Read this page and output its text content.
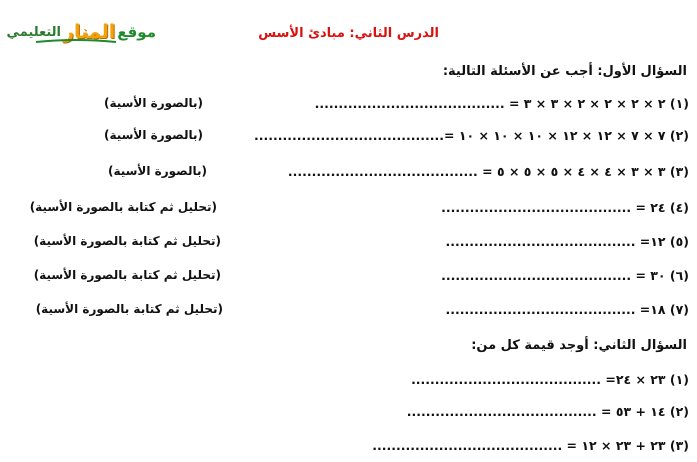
موقع
المنار
التعليمي	الدرس الثاني: مبادئ الأسس
السؤال الأول: أجب عن الأسئلة التالية:
(١) ٢ × ٢ × ٢ × ٢ × ٣ × ٣ = ........................................
(بالصورة الأسية)
(٢) ٧ × ٧ × ١٢ × ١٢ × ١٠ × ١٠ × ١٠ =........................................
(بالصورة الأسية)
(٣) ٣ × ٣ × ٤ × ٤ × ٥ × ٥ × ٥ = ........................................
(بالصورة الأسية)
(٤) ٢٤ = ........................................
(تحليل ثم كتابة بالصورة الأسية)
(٥) ١٢= ........................................
(تحليل ثم كتابة بالصورة الأسية)
(٦) ٣٠ = ........................................
(تحليل ثم كتابة بالصورة الأسية)
(٧) ١٨= ........................................
(تحليل ثم كتابة بالصورة الأسية)
السؤال الثاني: أوجد قيمة كل من:
(١) ٢٣ × ٢٤= ........................................
(٢) ١٤ + ٥٣ = ........................................
(٣) ٢٣ + ٢٣ × ١٢ = ........................................
